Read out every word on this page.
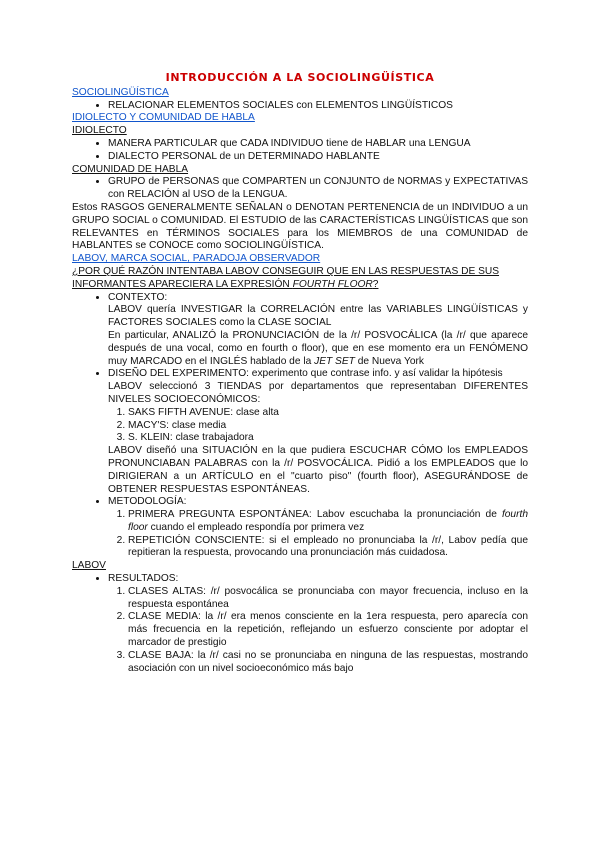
INTRODUCCIÓN A LA SOCIOLINGÜÍSTICA
SOCIOLINGÜÍSTICA
• RELACIONAR ELEMENTOS SOCIALES con ELEMENTOS LINGÜÍSTICOS
IDIOLECTO Y COMUNIDAD DE HABLA
IDIOLECTO
• MANERA PARTICULAR que CADA INDIVIDUO tiene de HABLAR una LENGUA
• DIALECTO PERSONAL de un DETERMINADO HABLANTE
COMUNIDAD DE HABLA
• GRUPO de PERSONAS que COMPARTEN un CONJUNTO de NORMAS y EXPECTATIVAS con RELACIÓN al USO de la LENGUA.
Estos RASGOS GENERALMENTE SEÑALAN o DENOTAN PERTENENCIA de un INDIVIDUO a un GRUPO SOCIAL o COMUNIDAD. El ESTUDIO de las CARACTERÍSTICAS LINGÜÍSTICAS que son RELEVANTES en TÉRMINOS SOCIALES para los MIEMBROS de una COMUNIDAD de HABLANTES se CONOCE como SOCIOLINGÜÍSTICA.
LABOV, MARCA SOCIAL, PARADOJA OBSERVADOR
¿POR QUÉ RAZÓN INTENTABA LABOV CONSEGUIR QUE EN LAS RESPUESTAS DE SUS INFORMANTES APARECIERA LA EXPRESIÓN FOURTH FLOOR?
• CONTEXTO:
LABOV quería INVESTIGAR la CORRELACIÓN entre las VARIABLES LINGÜÍSTICAS y FACTORES SOCIALES como la CLASE SOCIAL
En particular, ANALIZÓ la PRONUNCIACIÓN de la /r/ POSVOCÁLICA (la /r/ que aparece después de una vocal, como en fourth o floor), que en ese momento era un FENÓMENO muy MARCADO en el INGLÉS hablado de la JET SET de Nueva York
• DISEÑO DEL EXPERIMENTO: experimento que contrase info. y así validar la hipótesis
LABOV seleccionó 3 TIENDAS por departamentos que representaban DIFERENTES NIVELES SOCIOECONÓMICOS:
1. SAKS FIFTH AVENUE: clase alta
2. MACY'S: clase media
3. S. KLEIN: clase trabajadora
LABOV diseñó una SITUACIÓN en la que pudiera ESCUCHAR CÓMO los EMPLEADOS PRONUNCIABAN PALABRAS con la /r/ POSVOCÁLICA. Pidió a los EMPLEADOS que lo DIRIGIERAN a un ARTÍCULO en el "cuarto piso" (fourth floor), ASEGURÁNDOSE de OBTENER RESPUESTAS ESPONTÁNEAS.
• METODOLOGÍA:
1. PRIMERA PREGUNTA ESPONTÁNEA: Labov escuchaba la pronunciación de fourth floor cuando el empleado respondía por primera vez
2. REPETICIÓN CONSCIENTE: si el empleado no pronunciaba la /r/, Labov pedía que repitieran la respuesta, provocando una pronunciación más cuidadosa.
LABOV
• RESULTADOS:
1. CLASES ALTAS: /r/ posvocálica se pronunciaba con mayor frecuencia, incluso en la respuesta espontánea
2. CLASE MEDIA: la /r/ era menos consciente en la 1era respuesta, pero aparecía con más frecuencia en la repetición, reflejando un esfuerzo consciente por adoptar el marcador de prestigio
3. CLASE BAJA: la /r/ casi no se pronunciaba en ninguna de las respuestas, mostrando asociación con un nivel socioeconómico más bajo
